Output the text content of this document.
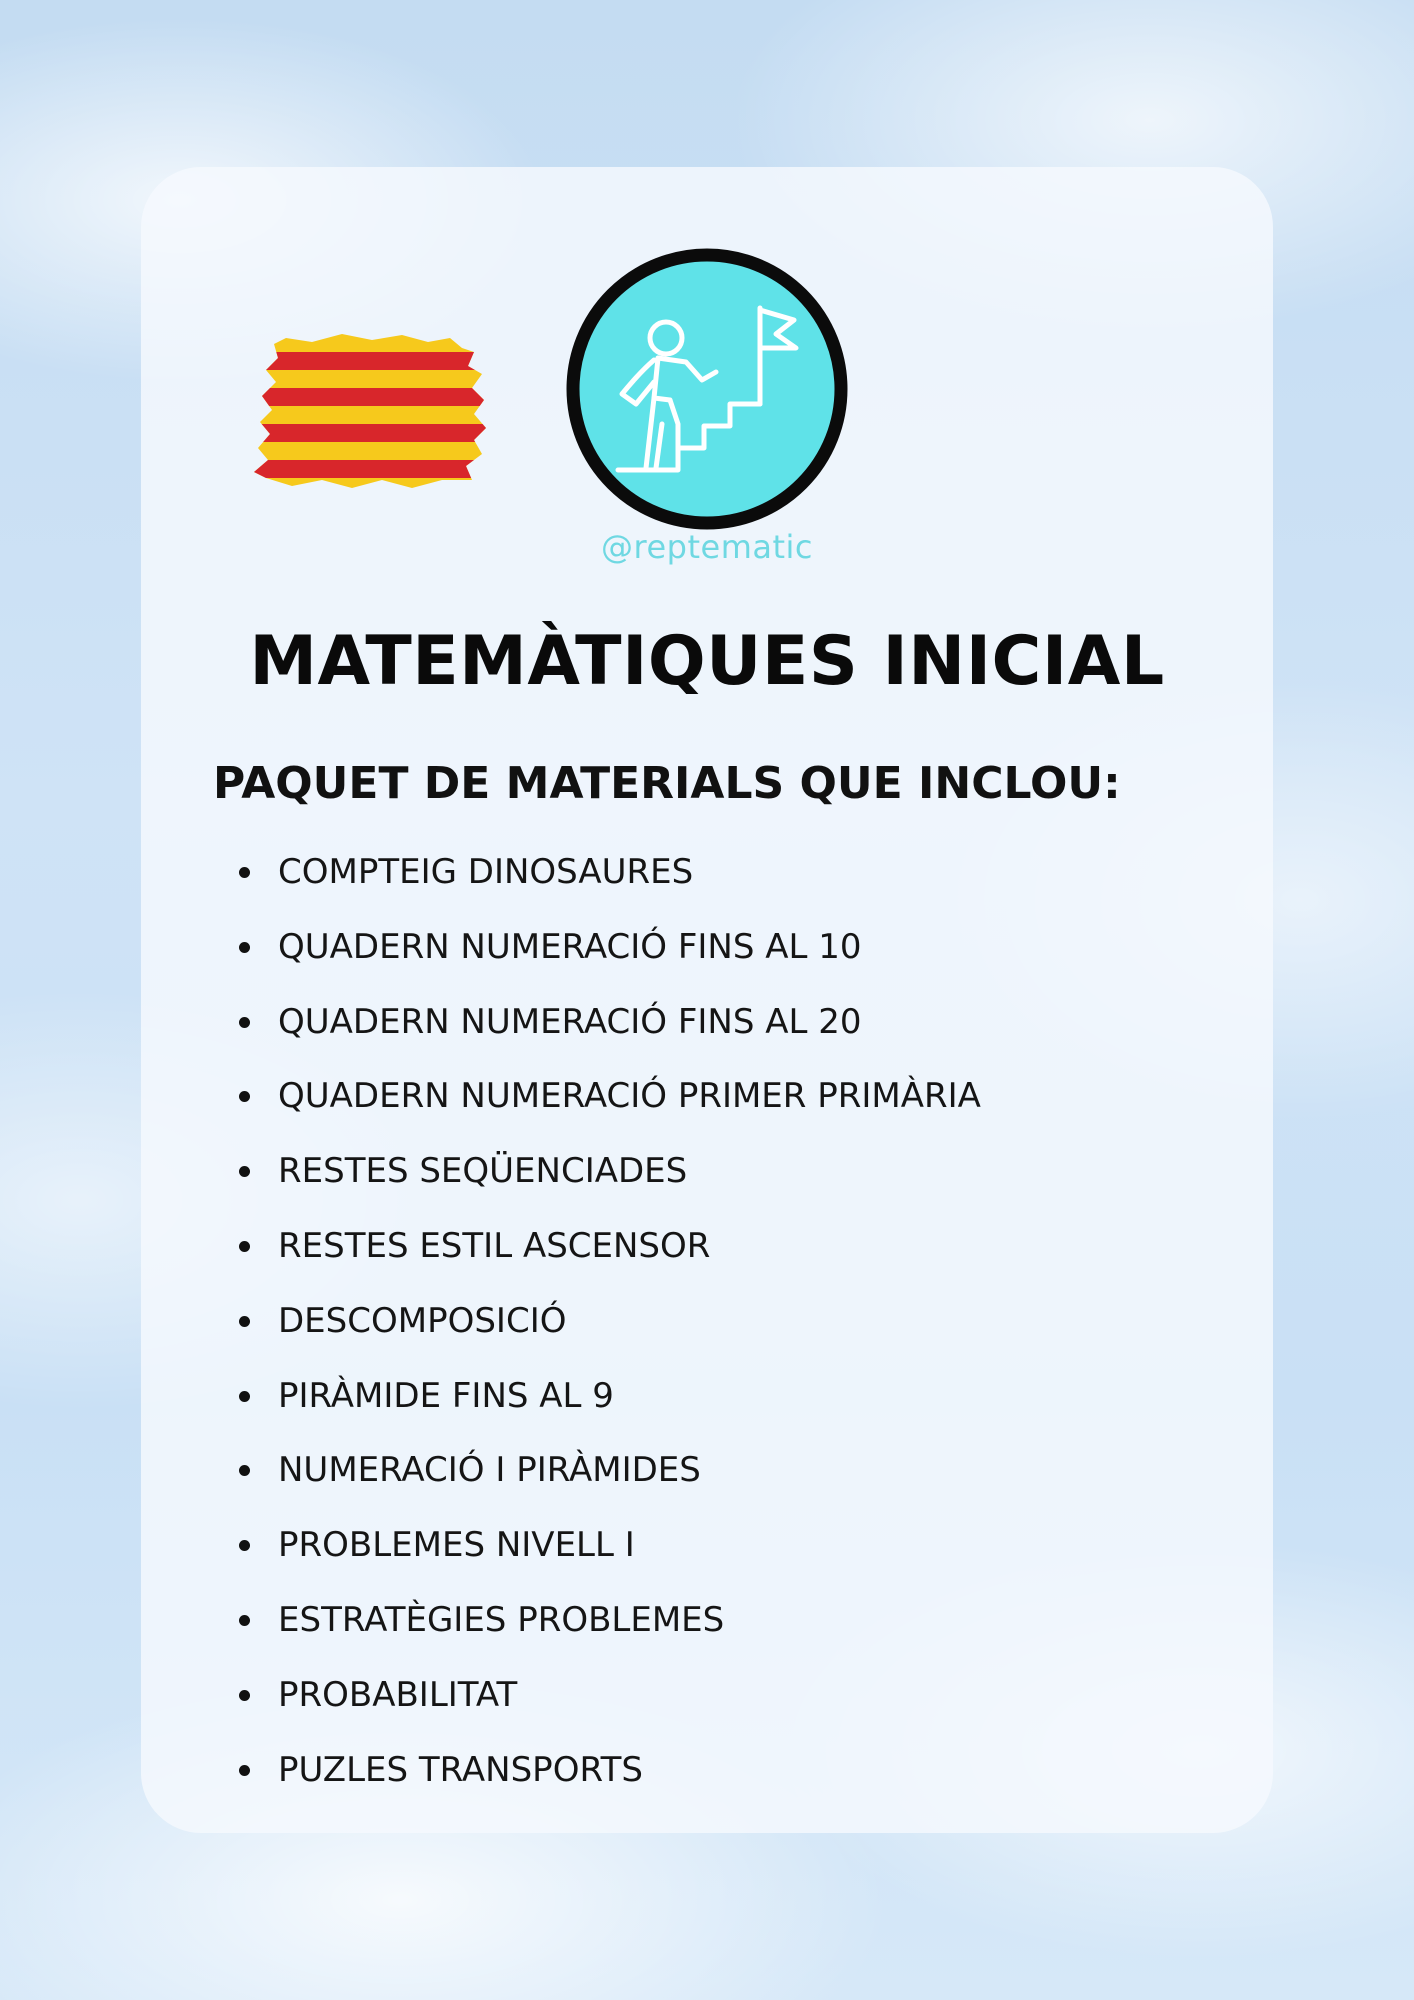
@reptematic
MATEMÀTIQUES INICIAL
PAQUET DE MATERIALS QUE INCLOU:
COMPTEIG DINOSAURES
QUADERN NUMERACIÓ FINS AL 10
QUADERN NUMERACIÓ FINS AL 20
QUADERN NUMERACIÓ PRIMER PRIMÀRIA
RESTES SEQÜENCIADES
RESTES ESTIL ASCENSOR
DESCOMPOSICIÓ
PIRÀMIDE FINS AL 9
NUMERACIÓ I PIRÀMIDES
PROBLEMES NIVELL I
ESTRATÈGIES PROBLEMES
PROBABILITAT
PUZLES TRANSPORTS
